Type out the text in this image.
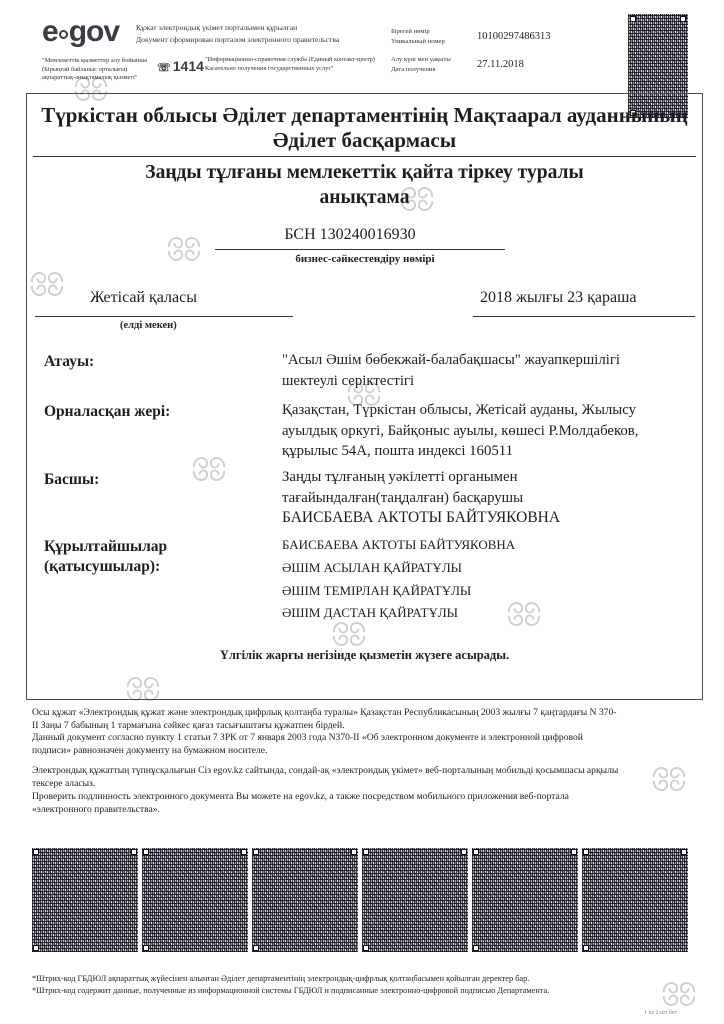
e gov Құжат электрондық үкімет порталымен құрылған
Документ сформирован порталом электронного правительства
"Мемлекеттік қызметтер алу бойынша (Бірыңғай байланыс орталығы) ақпараттық-анықтамалық қызметі"
☏ 1414 "Информационно-справочная служба (Единый контакт-центр) Касательно получения государственных услуг"
Бірегей нөмір
Уникальный номер	10100297486313
Алу күні мен уақыты
Дата получения	27.11.2018
Түркістан облысы Әділет департаментінің Мақтаарал ауданнының
Әділет басқармасы
Заңды тұлғаны мемлекеттік қайта тіркеу туралы
анықтама
БСН 130240016930
бизнес-сәйкестендіру нөмірі
Жетісай қаласы
(елді мекен)
2018 жылғы 23 қараша
Атауы:	"Асыл Әшім бөбекжай-балабақшасы" жауапкершілігі
шектеулі серіктестігі
Орналасқан жері:	Қазақстан, Түркістан облысы, Жетісай ауданы, Жылысу
ауылдық оркугі, Байқоныс ауылы, көшесі Р.Молдабеков,
құрылыс 54А, пошта индексі 160511
Басшы:	Заңды тұлғаның уәкілетті органымен
тағайындалған(таңдалған) басқарушы
БАИСБАЕВА АКТОТЫ БАЙТУЯКОВНА
Құрылтайшылар
(қатысушылар):
БАИСБАЕВА АКТОТЫ БАЙТУЯКОВНА
ӘШІМ АСЫЛАН ҚАЙРАТҰЛЫ
ӘШІМ ТЕМІРЛАН ҚАЙРАТҰЛЫ
ӘШІМ ДАСТАН ҚАЙРАТҰЛЫ
Үлгілік жарғы негізінде қызметін жүзеге асырады.
Осы құжат «Электрондық құжат және электрондық цифрлық қолтаңба туралы» Қазақстан Республикасының 2003 жылғы 7 қаңтардағы N 370-
II Заңы 7 бабының 1 тармағына сәйкес қағаз тасығыштағы құжатпен бірдей.
Данный документ согласно пункту 1 статьи 7 ЗРК от 7 января 2003 года N370-II «Об электронном документе и электронной цифровой
подписи» равнозначен документу на бумажном носителе.
Электрондық құжаттың түпнұсқалығын Сіз egov.kz сайтында, сондай-ақ «электрондық үкімет» веб-порталының мобильді қосымшасы арқылы
тексере аласыз.
Проверить подлинность электронного документа Вы можете на egov.kz, а также посредством мобильного приложения веб-портала
«электронного правительства».
*Штрих-код ГБДЮЛ ақпараттық жүйесінен алынған Әділет департаментінің электрондық-цифрлық қолтаңбасымен қойылған деректер бар.
*Штрих-код содержит данные, полученные из информационной системы ГБДЮЛ и подписанные электронно-цифровой подписью Департамента.
1 из 2 шт бет
